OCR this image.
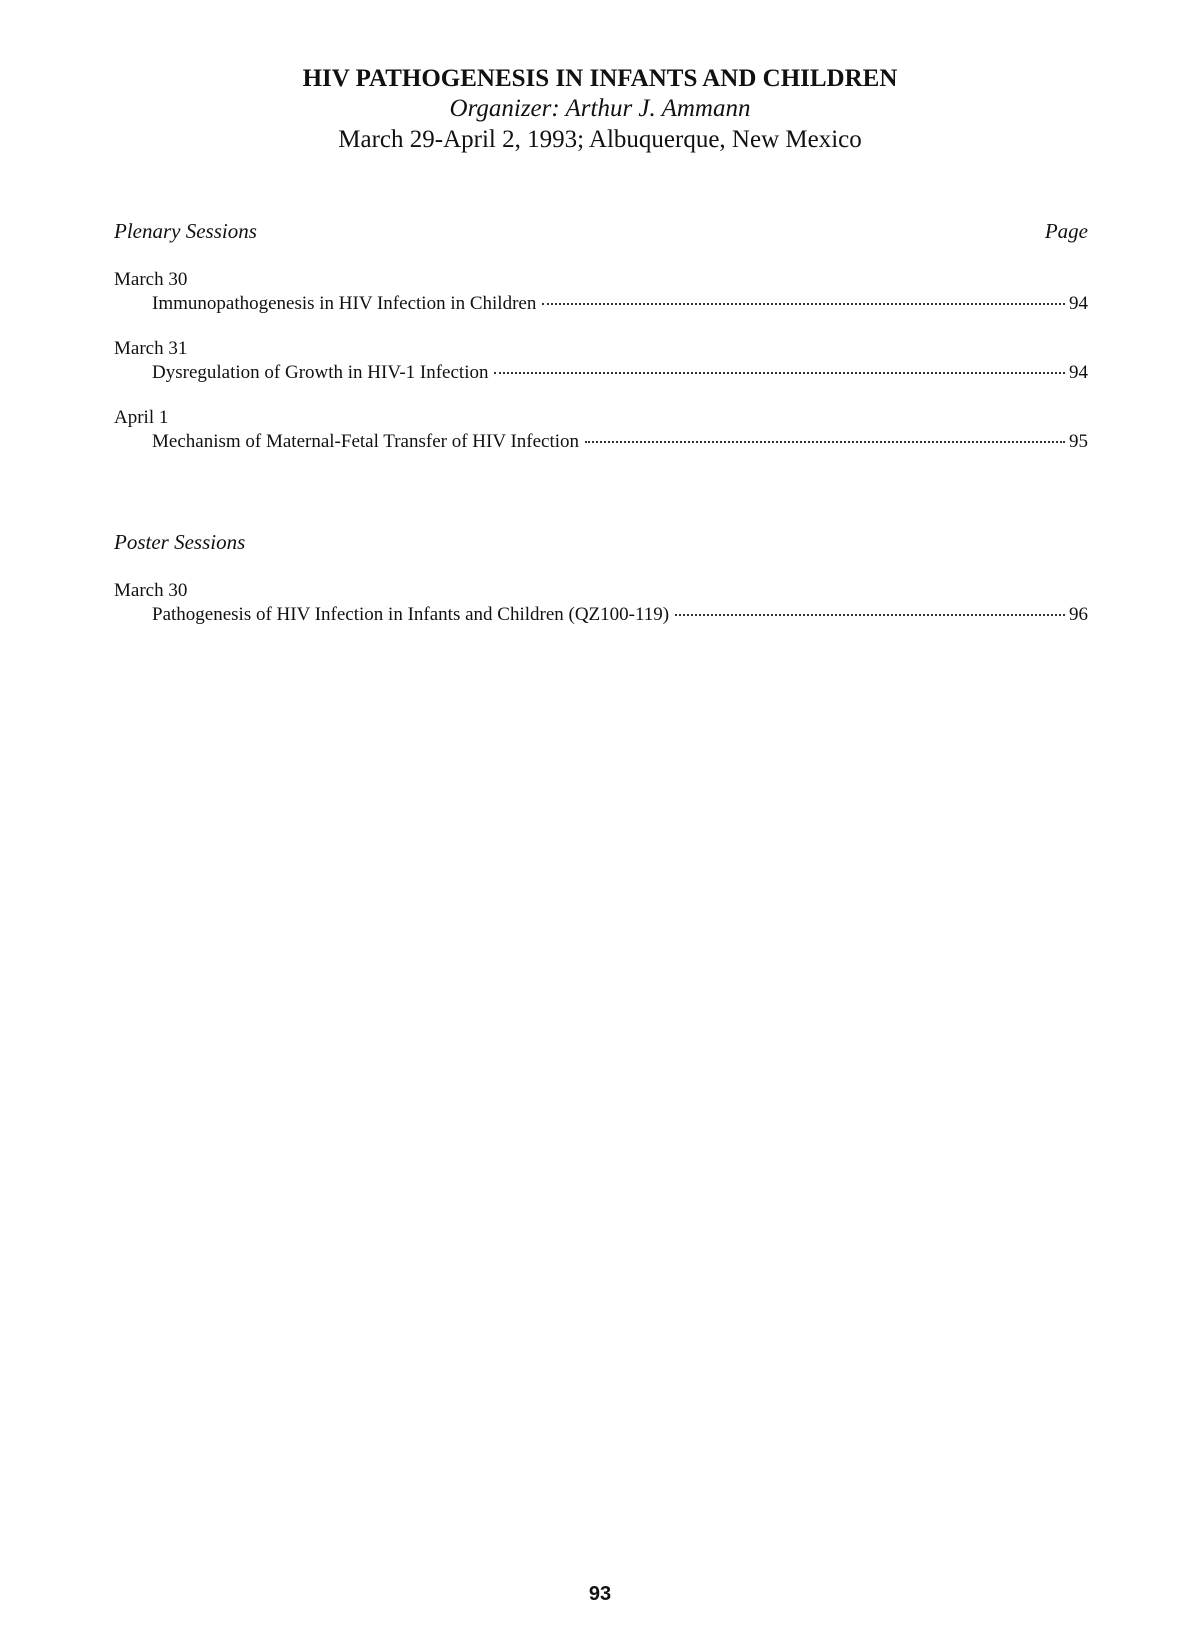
HIV PATHOGENESIS IN INFANTS AND CHILDREN
Organizer: Arthur J. Ammann
March 29-April 2, 1993; Albuquerque, New Mexico
Plenary Sessions	Page
March 30
Immunopathogenesis in HIV Infection in Children	94
March 31
Dysregulation of Growth in HIV-1 Infection	94
April 1
Mechanism of Maternal-Fetal Transfer of HIV Infection	95
Poster Sessions
March 30
Pathogenesis of HIV Infection in Infants and Children (QZ100-119)	96
93
